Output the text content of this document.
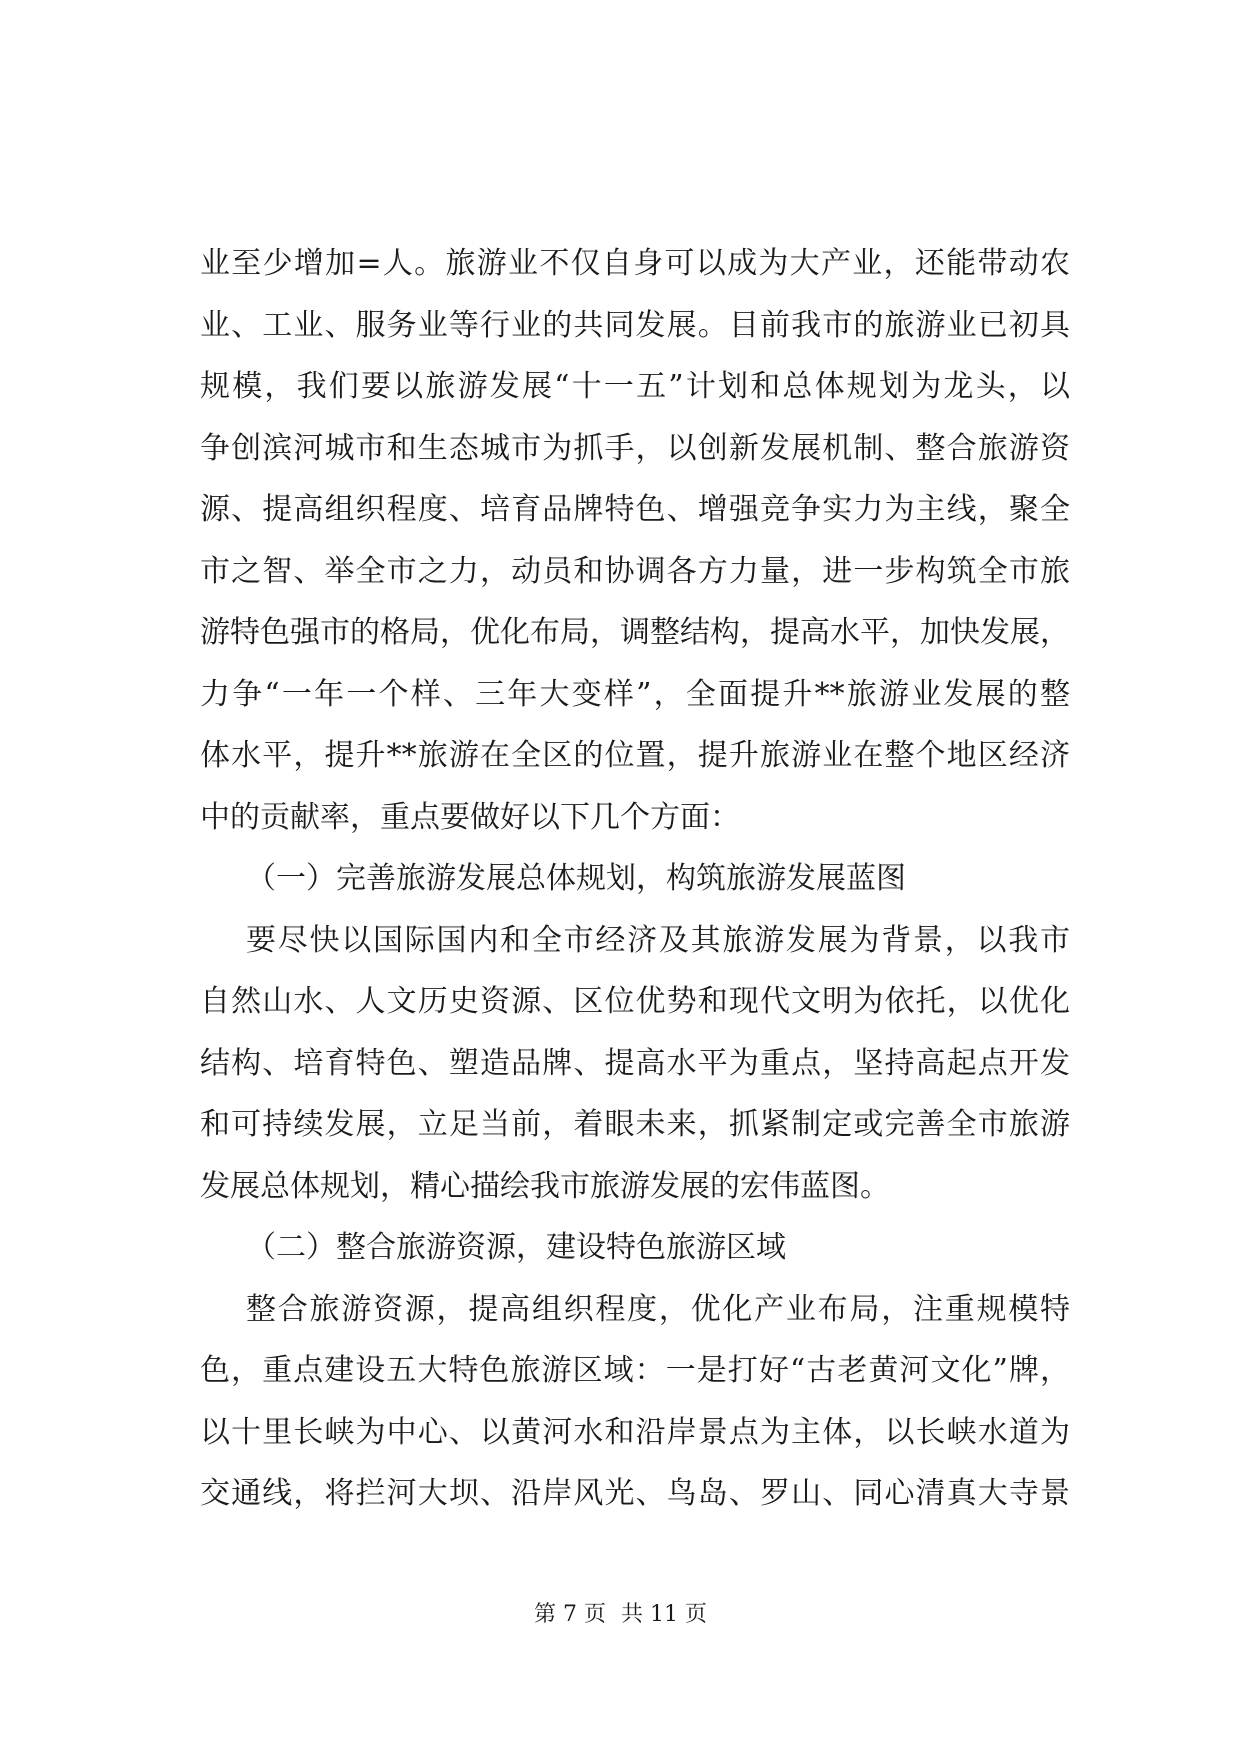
业至少增加=人。旅游业不仅自身可以成为大产业，还能带动农
业、工业、服务业等行业的共同发展。目前我市的旅游业已初具
规模，我们要以旅游发展“十一五”计划和总体规划为龙头，以
争创滨河城市和生态城市为抓手，以创新发展机制、整合旅游资
源、提高组织程度、培育品牌特色、增强竞争实力为主线，聚全
市之智、举全市之力，动员和协调各方力量，进一步构筑全市旅
游特色强市的格局，优化布局，调整结构，提高水平，加快发展，
力争“一年一个样、三年大变样”，全面提升**旅游业发展的整
体水平，提升**旅游在全区的位置，提升旅游业在整个地区经济
中的贡献率，重点要做好以下几个方面：
（一）完善旅游发展总体规划，构筑旅游发展蓝图
要尽快以国际国内和全市经济及其旅游发展为背景，以我市
自然山水、人文历史资源、区位优势和现代文明为依托，以优化
结构、培育特色、塑造品牌、提高水平为重点，坚持高起点开发
和可持续发展，立足当前，着眼未来，抓紧制定或完善全市旅游
发展总体规划，精心描绘我市旅游发展的宏伟蓝图。
（二）整合旅游资源，建设特色旅游区域
整合旅游资源，提高组织程度，优化产业布局，注重规模特
色，重点建设五大特色旅游区域：一是打好“古老黄河文化”牌，
以十里长峡为中心、以黄河水和沿岸景点为主体，以长峡水道为
交通线，将拦河大坝、沿岸风光、鸟岛、罗山、同心清真大寺景
第 7 页 共 11 页
